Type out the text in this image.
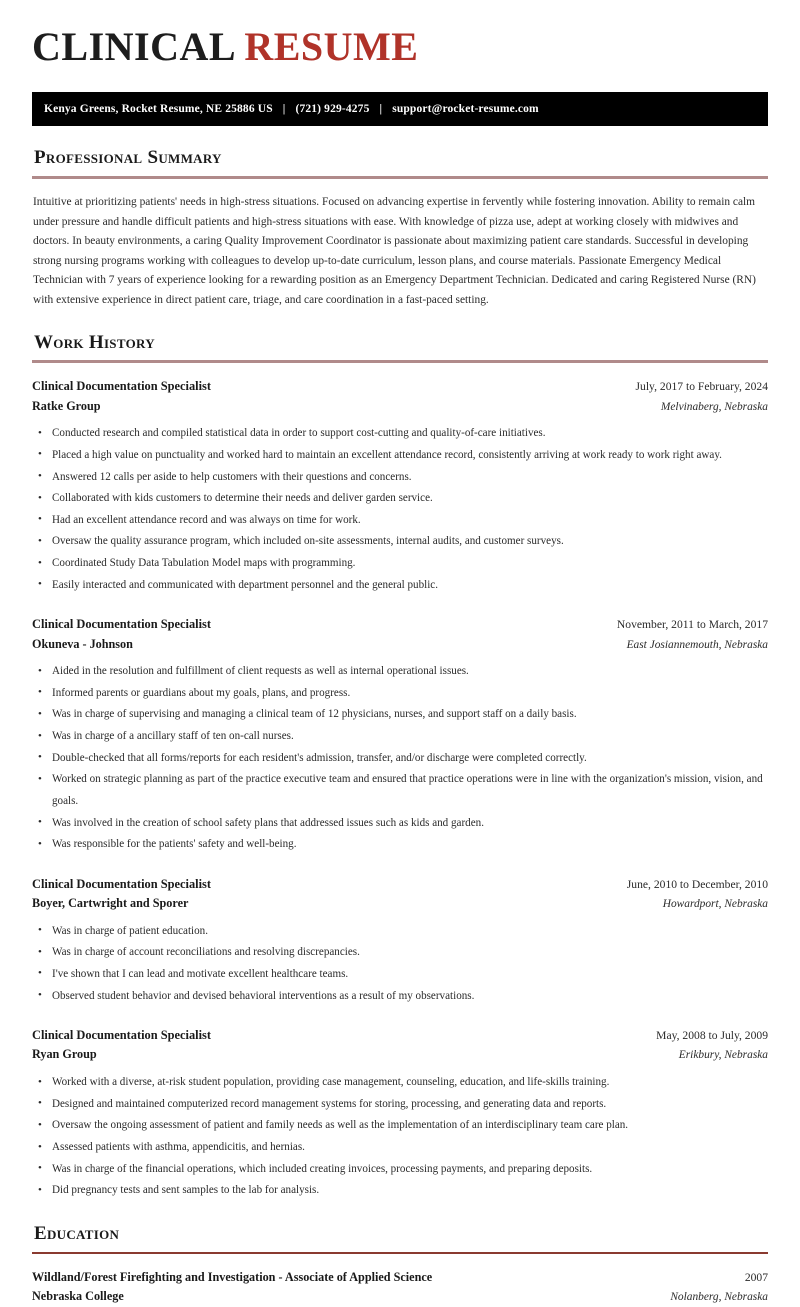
CLINICAL RESUME
Kenya Greens, Rocket Resume, NE 25886 US | (721) 929-4275 | support@rocket-resume.com
Professional Summary

Intuitive at prioritizing patients' needs in high-stress situations. Focused on advancing expertise in fervently while fostering innovation. Ability to remain calm under pressure and handle difficult patients and high-stress situations with ease. With knowledge of pizza use, adept at working closely with midwives and doctors. In beauty environments, a caring Quality Improvement Coordinator is passionate about maximizing patient care standards. Successful in developing strong nursing programs working with colleagues to develop up-to-date curriculum, lesson plans, and course materials. Passionate Emergency Medical Technician with 7 years of experience looking for a rewarding position as an Emergency Department Technician. Dedicated and caring Registered Nurse (RN) with extensive experience in direct patient care, triage, and care coordination in a fast-paced setting.

Work History
Clinical Documentation Specialist	July, 2017 to February, 2024
Ratke Group	Melvinaberg, Nebraska
• Conducted research and compiled statistical data in order to support cost-cutting and quality-of-care initiatives.
• Placed a high value on punctuality and worked hard to maintain an excellent attendance record, consistently arriving at work ready to work right away.
• Answered 12 calls per aside to help customers with their questions and concerns.
• Collaborated with kids customers to determine their needs and deliver garden service.
• Had an excellent attendance record and was always on time for work.
• Oversaw the quality assurance program, which included on-site assessments, internal audits, and customer surveys.
• Coordinated Study Data Tabulation Model maps with programming.
• Easily interacted and communicated with department personnel and the general public.
Clinical Documentation Specialist	November, 2011 to March, 2017
Okuneva - Johnson	East Josiannemouth, Nebraska
• Aided in the resolution and fulfillment of client requests as well as internal operational issues.
• Informed parents or guardians about my goals, plans, and progress.
• Was in charge of supervising and managing a clinical team of 12 physicians, nurses, and support staff on a daily basis.
• Was in charge of a ancillary staff of ten on-call nurses.
• Double-checked that all forms/reports for each resident's admission, transfer, and/or discharge were completed correctly.
• Worked on strategic planning as part of the practice executive team and ensured that practice operations were in line with the organization's mission, vision, and goals.
• Was involved in the creation of school safety plans that addressed issues such as kids and garden.
• Was responsible for the patients' safety and well-being.
Clinical Documentation Specialist	June, 2010 to December, 2010
Boyer, Cartwright and Sporer	Howardport, Nebraska
• Was in charge of patient education.
• Was in charge of account reconciliations and resolving discrepancies.
• I've shown that I can lead and motivate excellent healthcare teams.
• Observed student behavior and devised behavioral interventions as a result of my observations.
Clinical Documentation Specialist	May, 2008 to July, 2009
Ryan Group	Erikbury, Nebraska
• Worked with a diverse, at-risk student population, providing case management, counseling, education, and life-skills training.
• Designed and maintained computerized record management systems for storing, processing, and generating data and reports.
• Oversaw the ongoing assessment of patient and family needs as well as the implementation of an interdisciplinary team care plan.
• Assessed patients with asthma, appendicitis, and hernias.
• Was in charge of the financial operations, which included creating invoices, processing payments, and preparing deposits.
• Did pregnancy tests and sent samples to the lab for analysis.
Education
Wildland/Forest Firefighting and Investigation - Associate of Applied Science	2007
Nebraska College	Nolanberg, Nebraska
